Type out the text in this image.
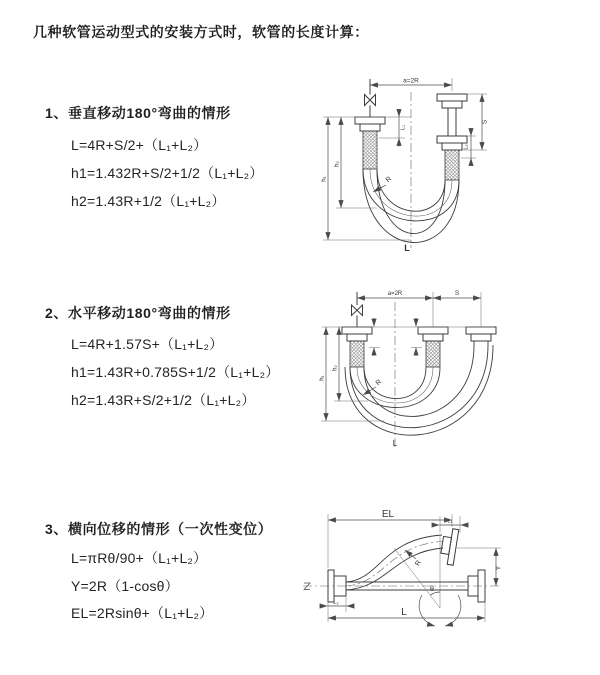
几种软管运动型式的安装方式时，软管的长度计算：
1、垂直移动180°弯曲的情形
L=4R+S/2+（L₁+L₂）
h1=1.432R+S/2+1/2（L₁+L₂）
h2=1.43R+1/2（L₁+L₂）
a=2R
L₁
h₁
h₂
S
L₂
R
L
2、水平移动180°弯曲的情形
L=4R+1.57S+（L₁+L₂）
h1=1.43R+0.785S+1/2（L₁+L₂）
h2=1.43R+S/2+1/2（L₁+L₂）
a=2R	S
h₁
h₂
R
L
3、横向位移的情形（一次性变位）
L=πRθ/90+（L₁+L₂）
Y=2R（1-cosθ）
EL=2Rsinθ+（L₁+L₂）
θ
EL
L₁
Y
R
L₂
L
